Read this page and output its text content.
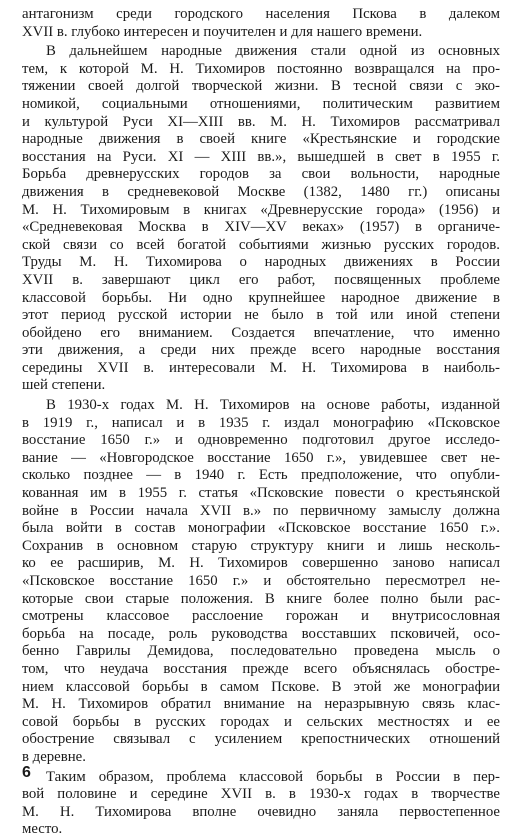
антагонизм среди городского населения Пскова в далеком
XVII в. глубоко интересен и поучителен и для нашего времени.
В дальнейшем народные движения стали одной из основных
тем, к которой М. Н. Тихомиров постоянно возвращался на про-
тяжении своей долгой творческой жизни. В тесной связи с эко-
номикой, социальными отношениями, политическим развитием
и культурой Руси XI—XIII вв. М. Н. Тихомиров рассматривал
народные движения в своей книге «Крестьянские и городские
восстания на Руси. XI — XIII вв.», вышедшей в свет в 1955 г.
Борьба древнерусских городов за свои вольности, народные
движения в средневековой Москве (1382, 1480 гг.) описаны
М. Н. Тихомировым в книгах «Древнерусские города» (1956) и
«Средневековая Москва в XIV—XV веках» (1957) в органиче-
ской связи со всей богатой событиями жизнью русских городов.
Труды М. Н. Тихомирова о народных движениях в России
XVII в. завершают цикл его работ, посвященных проблеме
классовой борьбы. Ни одно крупнейшее народное движение в
этот период русской истории не было в той или иной степени
обойдено его вниманием. Создается впечатление, что именно
эти движения, а среди них прежде всего народные восстания
середины XVII в. интересовали М. Н. Тихомирова в наиболь-
шей степени.
В 1930-х годах М. Н. Тихомиров на основе работы, изданной
в 1919 г., написал и в 1935 г. издал монографию «Псковское
восстание 1650 г.» и одновременно подготовил другое исследо-
вание — «Новгородское восстание 1650 г.», увидевшее свет не-
сколько позднее — в 1940 г. Есть предположение, что опубли-
кованная им в 1955 г. статья «Псковские повести о крестьянской
войне в России начала XVII в.» по первичному замыслу должна
была войти в состав монографии «Псковское восстание 1650 г.».
Сохранив в основном старую структуру книги и лишь несколь-
ко ее расширив, М. Н. Тихомиров совершенно заново написал
«Псковское восстание 1650 г.» и обстоятельно пересмотрел не-
которые свои старые положения. В книге более полно были рас-
смотрены классовое расслоение горожан и внутрисословная
борьба на посаде, роль руководства восставших псковичей, осо-
бенно Гаврилы Демидова, последовательно проведена мысль о
том, что неудача восстания прежде всего объяснялась обостре-
нием классовой борьбы в самом Пскове. В этой же монографии
М. Н. Тихомиров обратил внимание на неразрывную связь клас-
совой борьбы в русских городах и сельских местностях и ее
обострение связывал с усилением крепостнических отношений
в деревне.
Таким образом, проблема классовой борьбы в России в пер-
вой половине и середине XVII в. в 1930-х годах в творчестве
М. Н. Тихомирова вполне очевидно заняла первостепенное
место.
6
